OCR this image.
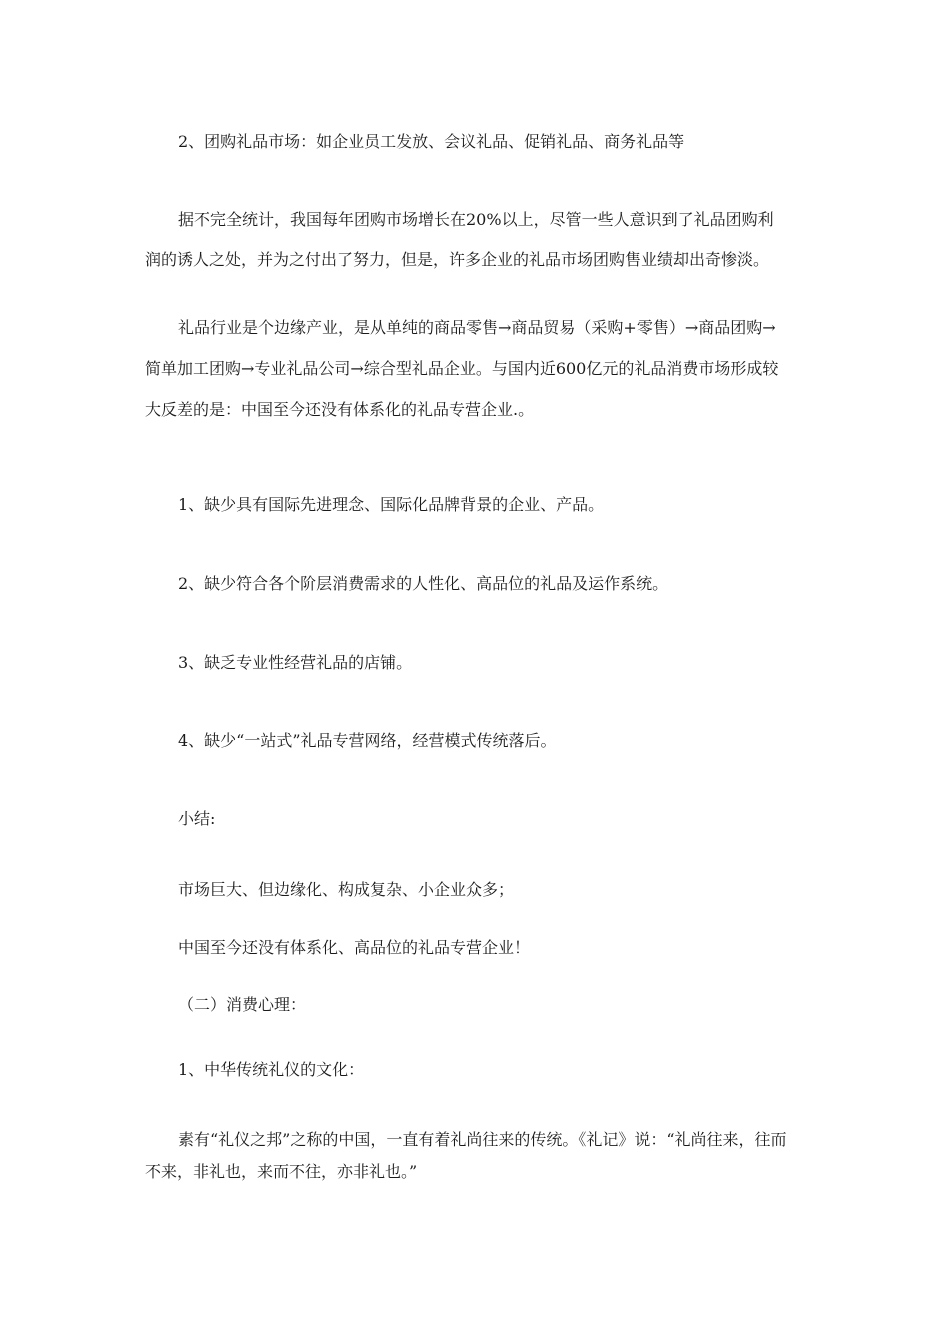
2、团购礼品市场：如企业员工发放、会议礼品、促销礼品、商务礼品等

据不完全统计，我国每年团购市场增长在20%以上，尽管一些人意识到了礼品团购利
润的诱人之处，并为之付出了努力，但是，许多企业的礼品市场团购售业绩却出奇惨淡。

礼品行业是个边缘产业，是从单纯的商品零售→商品贸易（采购+零售）→商品团购→
简单加工团购→专业礼品公司→综合型礼品企业。与国内近600亿元的礼品消费市场形成较
大反差的是：中国至今还没有体系化的礼品专营企业.。

1、缺少具有国际先进理念、国际化品牌背景的企业、产品。

2、缺少符合各个阶层消费需求的人性化、高品位的礼品及运作系统。

3、缺乏专业性经营礼品的店铺。

4、缺少“一站式”礼品专营网络，经营模式传统落后。

小结:

市场巨大、但边缘化、构成复杂、小企业众多；

中国至今还没有体系化、高品位的礼品专营企业！

（二）消费心理：

1、中华传统礼仪的文化：

素有“礼仪之邦”之称的中国，一直有着礼尚往来的传统。《礼记》说：“礼尚往来，往而
不来，非礼也，来而不往，亦非礼也。”
